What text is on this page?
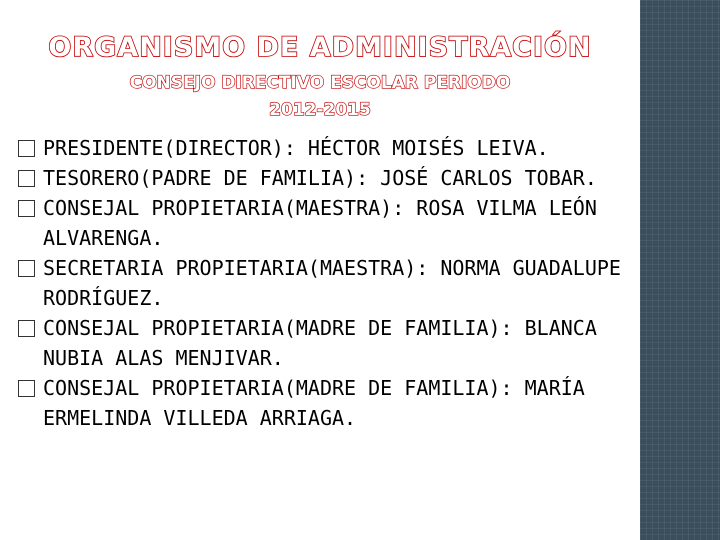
ORGANISMO DE ADMINISTRACIÓN
CONSEJO DIRECTIVO ESCOLAR PERIODO
2012-2015
PRESIDENTE(DIRECTOR): HÉCTOR MOISÉS LEIVA.
TESORERO(PADRE DE FAMILIA): JOSÉ CARLOS TOBAR.
CONSEJAL PROPIETARIA(MAESTRA): ROSA VILMA LEÓN ALVARENGA.
SECRETARIA PROPIETARIA(MAESTRA): NORMA GUADALUPE RODRÍGUEZ.
CONSEJAL PROPIETARIA(MADRE DE FAMILIA): BLANCA NUBIA ALAS MENJIVAR.
CONSEJAL PROPIETARIA(MADRE DE FAMILIA): MARÍA ERMELINDA VILLEDA ARRIAGA.
